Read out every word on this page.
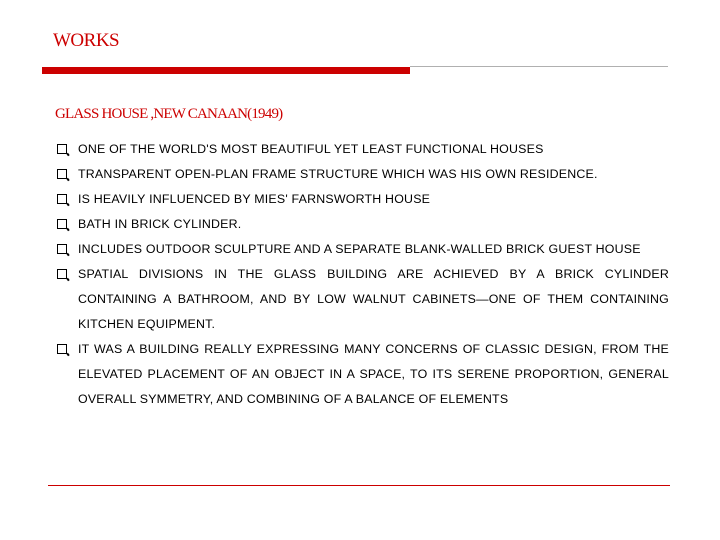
WORKS
GLASS HOUSE ,NEW CANAAN(1949)
ONE OF THE WORLD'S MOST BEAUTIFUL YET LEAST FUNCTIONAL HOUSES
TRANSPARENT OPEN-PLAN FRAME STRUCTURE WHICH WAS HIS OWN RESIDENCE.
IS HEAVILY INFLUENCED BY MIES' FARNSWORTH HOUSE
BATH IN BRICK CYLINDER.
INCLUDES OUTDOOR SCULPTURE AND A SEPARATE BLANK-WALLED BRICK GUEST HOUSE
SPATIAL DIVISIONS IN THE GLASS BUILDING ARE ACHIEVED BY A BRICK CYLINDER CONTAINING A BATHROOM, AND BY LOW WALNUT CABINETS—ONE OF THEM CONTAINING KITCHEN EQUIPMENT.
IT WAS A BUILDING REALLY EXPRESSING MANY CONCERNS OF CLASSIC DESIGN, FROM THE ELEVATED PLACEMENT OF AN OBJECT IN A SPACE, TO ITS SERENE PROPORTION, GENERAL OVERALL SYMMETRY, AND COMBINING OF A BALANCE OF ELEMENTS
